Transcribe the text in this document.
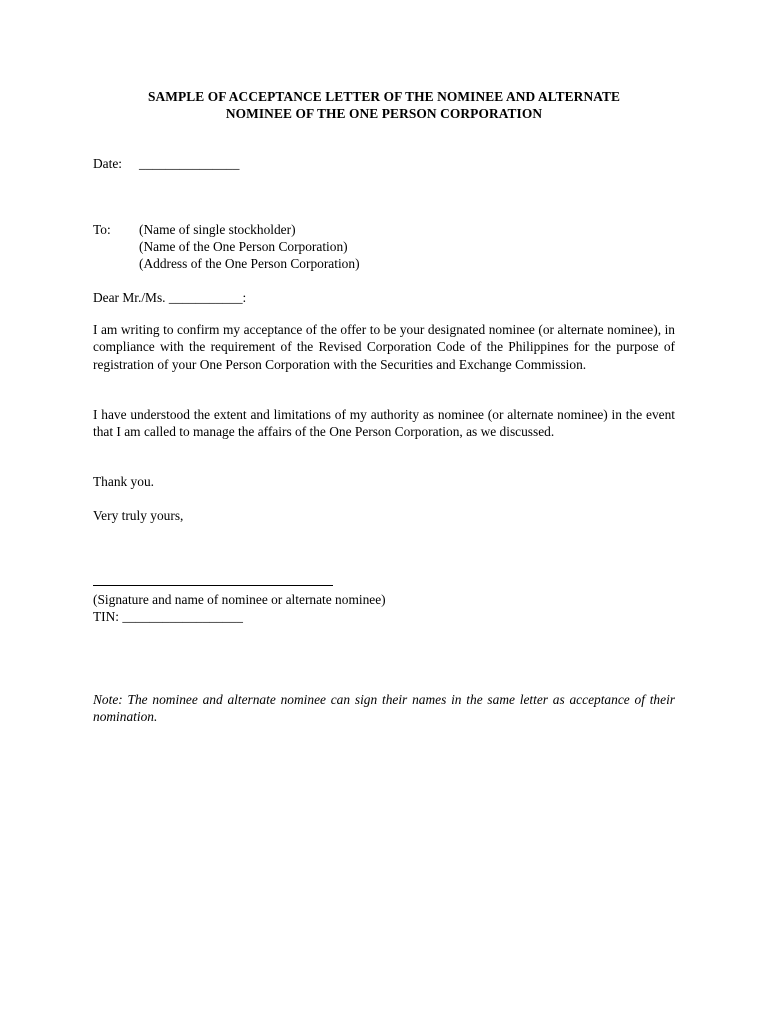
SAMPLE OF ACCEPTANCE LETTER OF THE NOMINEE AND ALTERNATE
NOMINEE OF THE ONE PERSON CORPORATION
Date: _______________
To: (Name of single stockholder)
(Name of the One Person Corporation)
(Address of the One Person Corporation)
Dear Mr./Ms. ___________:
I am writing to confirm my acceptance of the offer to be your designated nominee (or alternate nominee), in compliance with the requirement of the Revised Corporation Code of the Philippines for the purpose of registration of your One Person Corporation with the Securities and Exchange Commission.
I have understood the extent and limitations of my authority as nominee (or alternate nominee) in the event that I am called to manage the affairs of the One Person Corporation, as we discussed.
Thank you.
Very truly yours,
(Signature and name of nominee or alternate nominee)
TIN: __________________
Note: The nominee and alternate nominee can sign their names in the same letter as acceptance of their nomination.
